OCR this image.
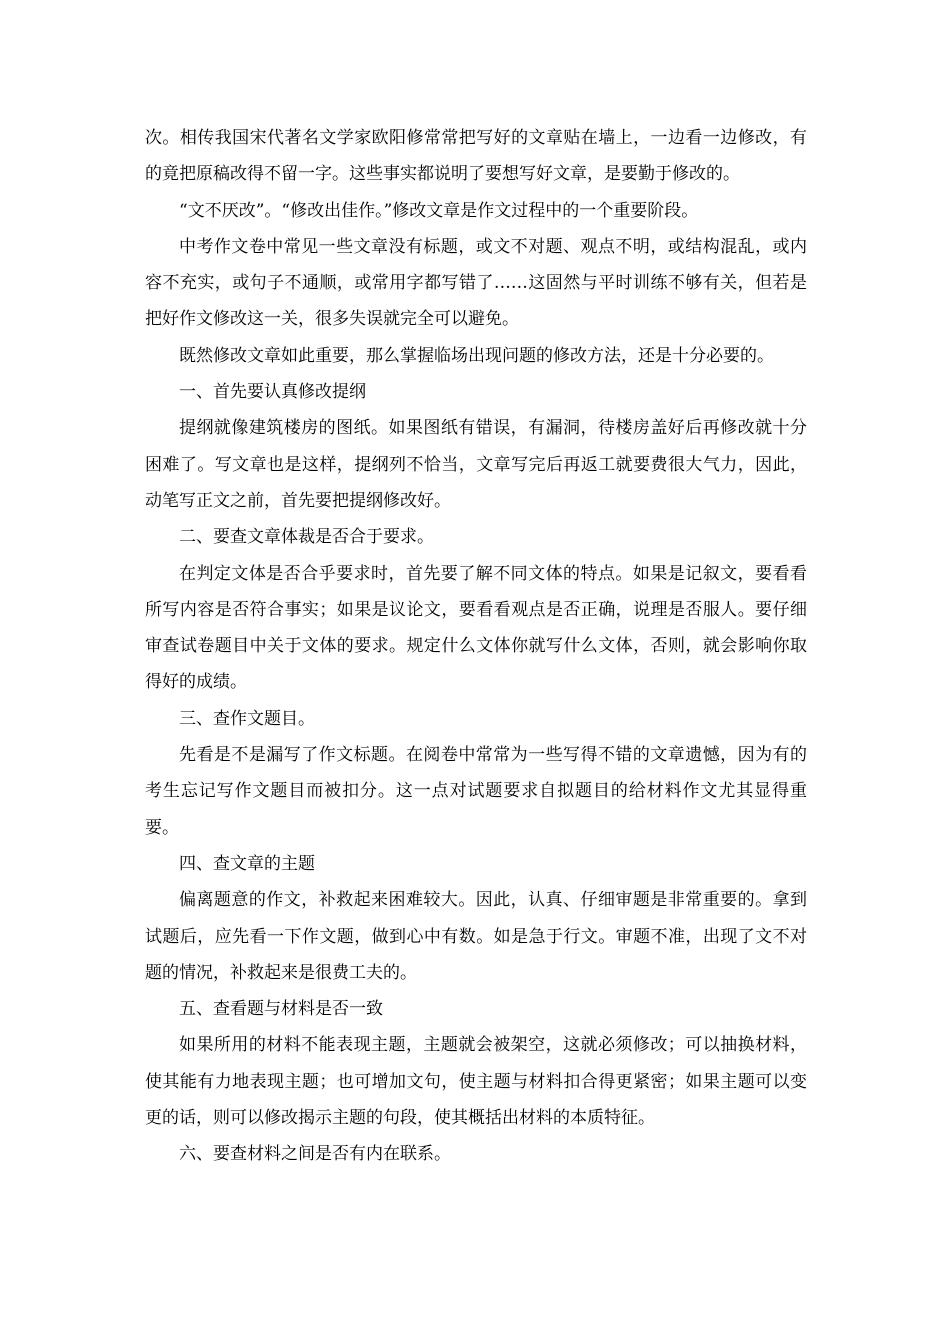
次。相传我国宋代著名文学家欧阳修常常把写好的文章贴在墙上，一边看一边修改，有的竟把原稿改得不留一字。这些事实都说明了要想写好文章，是要勤于修改的。

“文不厌改”。“修改出佳作。”修改文章是作文过程中的一个重要阶段。

中考作文卷中常见一些文章没有标题，或文不对题、观点不明，或结构混乱，或内容不充实，或句子不通顺，或常用字都写错了……这固然与平时训练不够有关，但若是把好作文修改这一关，很多失误就完全可以避免。

既然修改文章如此重要，那么掌握临场出现问题的修改方法，还是十分必要的。

一、首先要认真修改提纲

提纲就像建筑楼房的图纸。如果图纸有错误，有漏洞，待楼房盖好后再修改就十分困难了。写文章也是这样，提纲列不恰当，文章写完后再返工就要费很大气力，因此，动笔写正文之前，首先要把提纲修改好。

二、要查文章体裁是否合于要求。

在判定文体是否合乎要求时，首先要了解不同文体的特点。如果是记叙文，要看看所写内容是否符合事实；如果是议论文，要看看观点是否正确，说理是否服人。要仔细审查试卷题目中关于文体的要求。规定什么文体你就写什么文体，否则，就会影响你取得好的成绩。

三、查作文题目。

先看是不是漏写了作文标题。在阅卷中常常为一些写得不错的文章遗憾，因为有的考生忘记写作文题目而被扣分。这一点对试题要求自拟题目的给材料作文尤其显得重要。

四、查文章的主题

偏离题意的作文，补救起来困难较大。因此，认真、仔细审题是非常重要的。拿到试题后，应先看一下作文题，做到心中有数。如是急于行文。审题不准，出现了文不对题的情况，补救起来是很费工夫的。

五、查看题与材料是否一致

如果所用的材料不能表现主题，主题就会被架空，这就必须修改；可以抽换材料，使其能有力地表现主题；也可增加文句，使主题与材料扣合得更紧密；如果主题可以变更的话，则可以修改揭示主题的句段，使其概括出材料的本质特征。

六、要查材料之间是否有内在联系。
